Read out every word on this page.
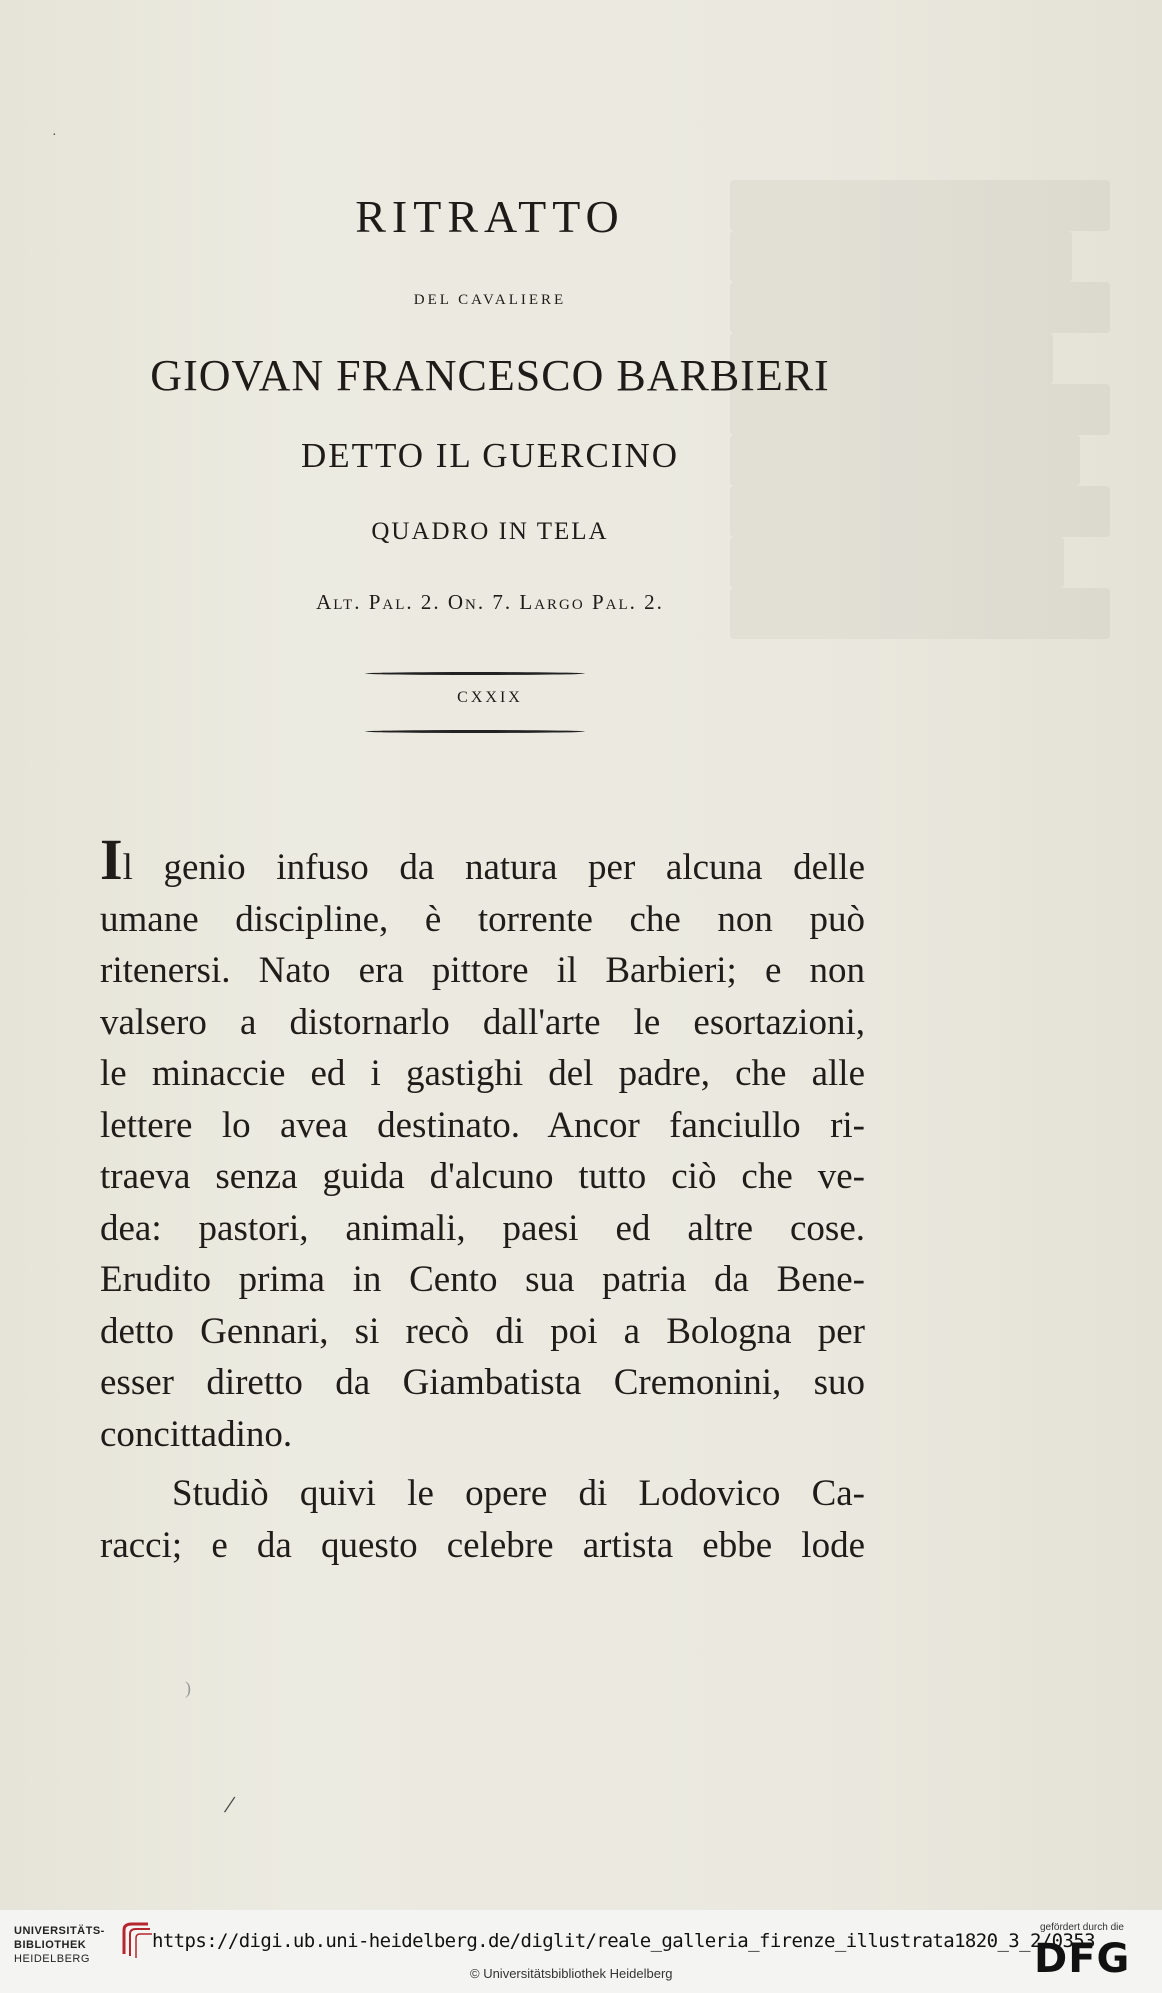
RITRATTO
DEL CAVALIERE
GIOVAN FRANCESCO BARBIERI
DETTO IL GUERCINO
QUADRO IN TELA
Alt. Pal. 2. On. 7. Largo Pal. 2.
CXXIX
Il genio infuso da natura per alcuna delle
umane discipline, è torrente che non può
ritenersi. Nato era pittore il Barbieri; e non
valsero a distornarlo dall'arte le esortazioni,
le minaccie ed i gastighi del padre, che alle
lettere lo avea destinato. Ancor fanciullo ri-
traeva senza guida d'alcuno tutto ciò che ve-
dea: pastori, animali, paesi ed altre cose.
Erudito prima in Cento sua patria da Bene-
detto Gennari, si recò di poi a Bologna per
esser diretto da Giambatista Cremonini, suo
concittadino.
Studiò quivi le opere di Lodovico Ca-
racci; e da questo celebre artista ebbe lode
·
/
)
UNIVERSITÄTS-
BIBLIOTHEK
HEIDELBERG
https://digi.ub.uni-heidelberg.de/diglit/reale_galleria_firenze_illustrata1820_3_2/0353
© Universitätsbibliothek Heidelberg
gefördert durch die
DFG
